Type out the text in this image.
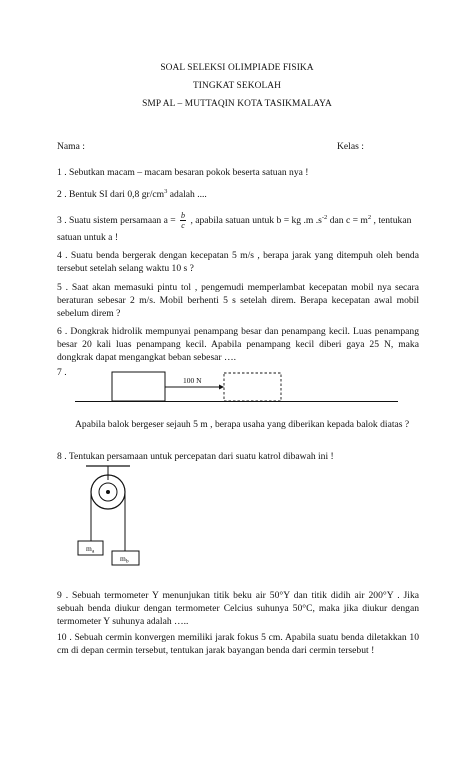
SOAL SELEKSI OLIMPIADE FISIKA
TINGKAT SEKOLAH
SMP AL – MUTTAQIN KOTA TASIKMALAYA
Nama :	Kelas :
1 . Sebutkan macam – macam besaran pokok beserta satuan nya !
2 . Bentuk SI dari 0,8 $gr/cm^3$ adalah ....
3 . Suatu sistem persamaan $a = \frac{b}{c}$ , apabila satuan untuk b = kg .m $.s^{-2}$ dan $c = m^2$ , tentukan
satuan untuk a !
4 . Suatu benda bergerak dengan kecepatan 5 m/s , berapa jarak yang ditempuh oleh benda tersebut setelah selang waktu 10 s ?
5 . Saat akan memasuki pintu tol , pengemudi memperlambat kecepatan mobil nya secara beraturan sebesar 2 m/s. Mobil berhenti 5 s setelah direm. Berapa kecepatan awal mobil sebelum direm ?
6 . Dongkrak hidrolik mempunyai penampang besar dan penampang kecil. Luas penampang besar 20 kali luas penampang kecil. Apabila penampang kecil diberi gaya 25 N, maka dongkrak dapat mengangkat beban sebesar ….
7 .
100 N
Apabila balok bergeser sejauh 5 m , berapa usaha yang diberikan kepada balok diatas ?
8 . Tentukan persamaan untuk percepatan dari suatu katrol dibawah ini !
$m_a$
$m_b$
9 . Sebuah termometer Y menunjukan titik beku air 50°Y dan titik didih air 200°Y . Jika sebuah benda diukur dengan termometer Celcius suhunya 50°C, maka jika diukur dengan termometer Y suhunya adalah …..
10 . Sebuah cermin konvergen memiliki jarak fokus 5 cm. Apabila suatu benda diletakkan 10 cm di depan cermin tersebut, tentukan jarak bayangan benda dari cermin tersebut !
